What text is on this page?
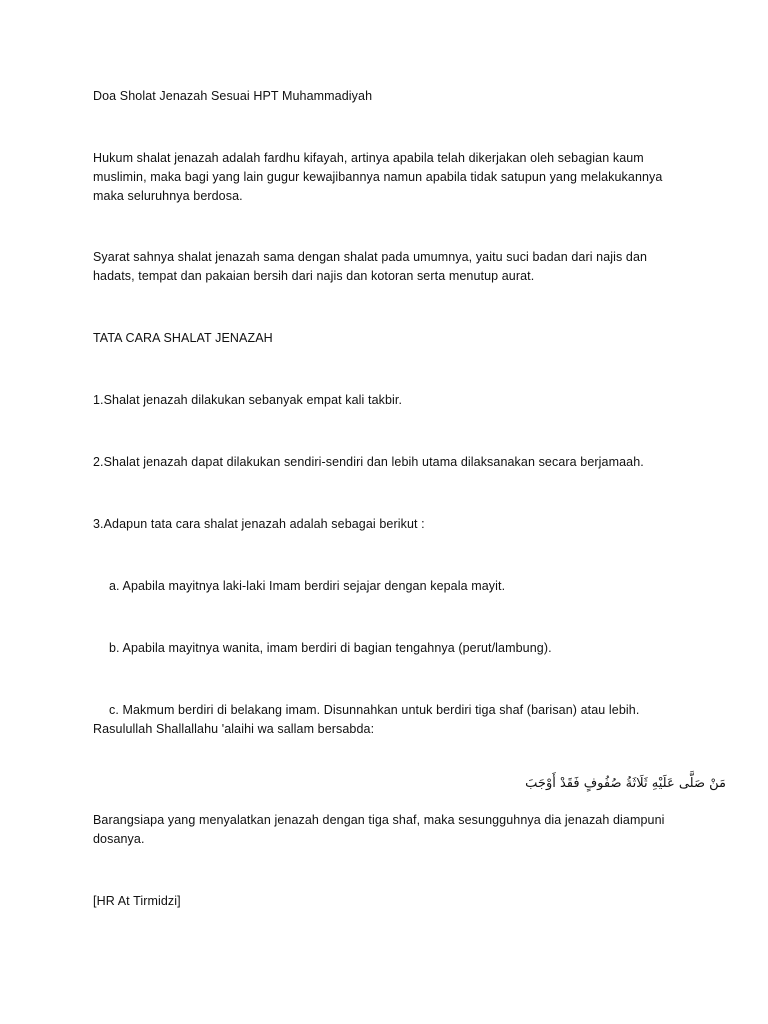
Doa Sholat Jenazah Sesuai HPT Muhammadiyah
Hukum shalat jenazah adalah fardhu kifayah, artinya apabila telah dikerjakan oleh sebagian kaum
muslimin, maka bagi yang lain gugur kewajibannya namun apabila tidak satupun yang melakukannya
maka seluruhnya berdosa.
Syarat sahnya shalat jenazah sama dengan shalat pada umumnya, yaitu suci badan dari najis dan
hadats, tempat dan pakaian bersih dari najis dan kotoran serta menutup aurat.
TATA CARA SHALAT JENAZAH
1.Shalat jenazah dilakukan sebanyak empat kali takbir.
2.Shalat jenazah dapat dilakukan sendiri-sendiri dan lebih utama dilaksanakan secara berjamaah.
3.Adapun tata cara shalat jenazah adalah sebagai berikut :
a. Apabila mayitnya laki-laki Imam berdiri sejajar dengan kepala mayit.
b. Apabila mayitnya wanita, imam berdiri di bagian tengahnya (perut/lambung).
c. Makmum berdiri di belakang imam. Disunnahkan untuk berdiri tiga shaf (barisan) atau lebih.
Rasulullah Shallallahu 'alaihi wa sallam bersabda:
مَنْ صَلَّى عَلَيْهِ ثَلَاثَةُ صُفُوفٍ فَقَدْ أَوْجَبَ
Barangsiapa yang menyalatkan jenazah dengan tiga shaf, maka sesungguhnya dia jenazah diampuni
dosanya.
[HR At Tirmidzi]
